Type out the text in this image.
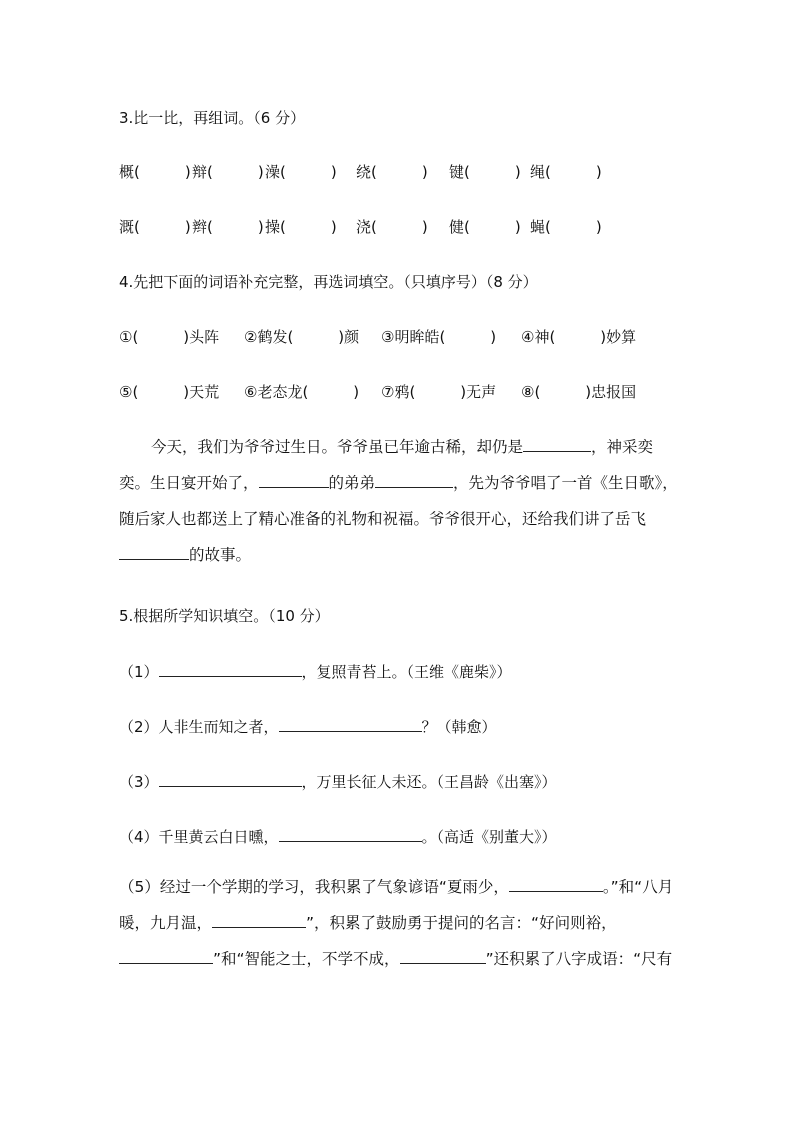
3.比一比，再组词。（6 分）
概(　　　)辩(　　　)澡(　　　) 绕(　　　) 键(　　　) 绳(　　　)
溉(　　　)辫(　　　)操(　　　) 浇(　　　) 健(　　　) 蝇(　　　)
4.先把下面的词语补充完整，再选词填空。（只填序号）（8 分）
①(　　　)头阵 ②鹤发(　　　)颜 ③明眸皓(　　　) ④神(　　　)妙算
⑤(　　　)天荒 ⑥老态龙(　　　) ⑦鸦(　　　)无声 ⑧(　　　)忠报国
今天，我们为爷爷过生日。爷爷虽已年逾古稀，却仍是	，神采奕奕。生日宴开始了，	的弟弟	，先为爷爷唱了一首《生日歌》，随后家人也都送上了精心准备的礼物和祝福。爷爷很开心，还给我们讲了岳飞的故事。
5.根据所学知识填空。（10 分）
（1）	，复照青苔上。（王维《鹿柴》）
（2）人非生而知之者，	？（韩愈）
（3）	，万里长征人未还。（王昌龄《出塞》）
（4）千里黄云白日曛，	。（高适《别董大》）
（5）经过一个学期的学习，我积累了气象谚语“夏雨少，	。”和“八月暖，九月温，	”，积累了鼓励勇于提问的名言：“好问则裕，”和“智能之士，不学不成，	”还积累了八字成语：“尺有
